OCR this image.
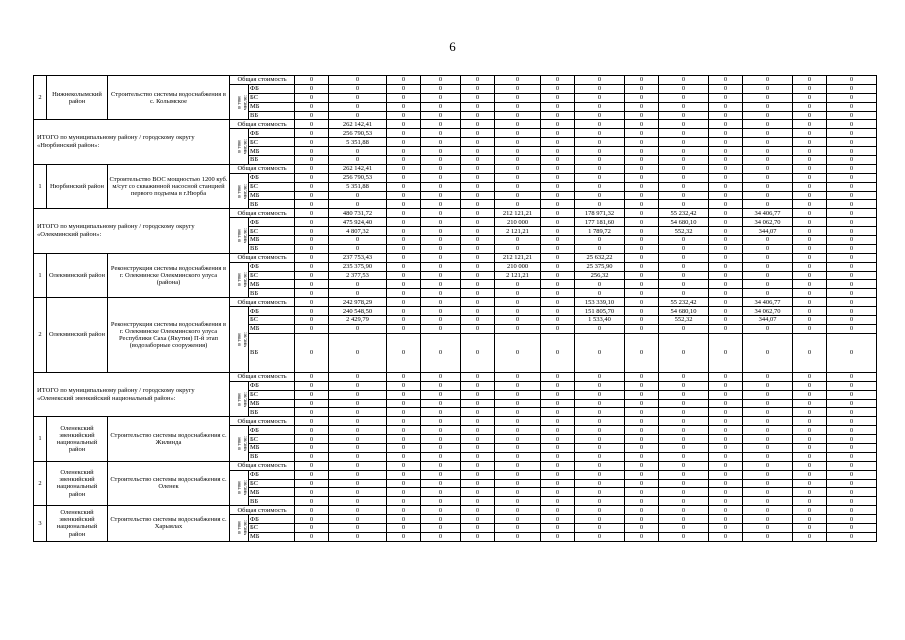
6
2	Нижнеколымский район	Строительство системы водоснабжения в с. Колымское	Общая стоимость		0	0	0	0	0	0	0	0	0	0	0	0	0	0	
			в том числе:	ФБ	0	0	0	0	0	0	0	0	0	0	0	0	0	0	
				БС	0	0	0	0	0	0	0	0	0	0	0	0	0	0	
				МБ	0	0	0	0	0	0	0	0	0	0	0	0	0	0	
				ВБ	0	0	0	0	0	0	0	0	0	0	0	0	0	0	
ИТОГО по муниципальному району / городскому округу «Нюрбинский район»:			Общая стоимость		0	262 142,41	0	0	0	0	0	0	0	0	0	0	0	0	
			в том числе:	ФБ	0	256 790,53	0	0	0	0	0	0	0	0	0	0	0	0	
				БС	0	5 351,88	0	0	0	0	0	0	0	0	0	0	0	0	
				МБ	0	0	0	0	0	0	0	0	0	0	0	0	0	0	
				ВБ	0	0	0	0	0	0	0	0	0	0	0	0	0	0	
1	Нюрбинский район	Строительство ВОС мощностью 1200 куб. м/сут со скважинной насосной станцией первого подъема в г.Нюрба	Общая стоимость		0	262 142,41	0	0	0	0	0	0	0	0	0	0	0	0	
			в том числе:	ФБ	0	256 790,53	0	0	0	0	0	0	0	0	0	0	0	0	
				БС	0	5 351,88	0	0	0	0	0	0	0	0	0	0	0	0	
				МБ	0	0	0	0	0	0	0	0	0	0	0	0	0	0	
				ВБ	0	0	0	0	0	0	0	0	0	0	0	0	0	0	
ИТОГО по муниципальному району / городскому округу «Олекминский район»:			Общая стоимость		0	480 731,72	0	0	0	212 121,21	0	178 971,32	0	55 232,42	0	34 406,77	0	0	
			в том числе:	ФБ	0	475 924,40	0	0	0	210 000	0	177 181,60	0	54 680,10	0	34 062,70	0	0	
				БС	0	4 807,32	0	0	0	2 121,21	0	1 789,72	0	552,32	0	344,07	0	0	
				МБ	0	0	0	0	0	0	0	0	0	0	0	0	0	0	
				ВБ	0	0	0	0	0	0	0	0	0	0	0	0	0	0	
1	Олекминский район	Реконструкция системы водоснабжения в г. Олекминске Олекминского улуса (района)	Общая стоимость		0	237 753,43	0	0	0	212 121,21	0	25 632,22	0	0	0	0	0	0	
			в том числе:	ФБ	0	235 375,90	0	0	0	210 000	0	25 375,90	0	0	0	0	0	0	
				БС	0	2 377,53	0	0	0	2 121,21	0	256,32	0	0	0	0	0	0	
				МБ	0	0	0	0	0	0	0	0	0	0	0	0	0	0	
				ВБ	0	0	0	0	0	0	0	0	0	0	0	0	0	0	
2	Олекминский район	Реконструкция системы водоснабжения в г. Олекминске Олекминского улуса Республики Саха (Якутия) П-й этап (водозаборные сооружения)	Общая стоимость		0	242 978,29	0	0	0	0	0	153 339,10	0	55 232,42	0	34 406,77	0	0	
			в том числе:	ФБ	0	240 548,50	0	0	0	0	0	151 805,70	0	54 680,10	0	34 062,70	0	0	
				БС	0	2 429,79	0	0	0	0	0	1 533,40	0	552,32	0	344,07	0	0	
				МБ	0	0	0	0	0	0	0	0	0	0	0	0	0	0	
				ВБ	0	0	0	0	0	0	0	0	0	0	0	0	0	0	
ИТОГО по муниципальному району / городскому округу «Оленекский эвенкийский национальный район»:			Общая стоимость		0	0	0	0	0	0	0	0	0	0	0	0	0	0	
			в том числе:	ФБ	0	0	0	0	0	0	0	0	0	0	0	0	0	0	
				БС	0	0	0	0	0	0	0	0	0	0	0	0	0	0	
				МБ	0	0	0	0	0	0	0	0	0	0	0	0	0	0	
				ВБ	0	0	0	0	0	0	0	0	0	0	0	0	0	0	
1	Оленекский эвенкийский национальный район	Строительство системы водоснабжения с. Жилинда	Общая стоимость		0	0	0	0	0	0	0	0	0	0	0	0	0	0	
			в том числе:	ФБ	0	0	0	0	0	0	0	0	0	0	0	0	0	0	
				БС	0	0	0	0	0	0	0	0	0	0	0	0	0	0	
				МБ	0	0	0	0	0	0	0	0	0	0	0	0	0	0	
				ВБ	0	0	0	0	0	0	0	0	0	0	0	0	0	0	
2	Оленекский эвенкийский национальный район	Строительство системы водоснабжения с. Оленек	Общая стоимость		0	0	0	0	0	0	0	0	0	0	0	0	0	0	
			в том числе:	ФБ	0	0	0	0	0	0	0	0	0	0	0	0	0	0	
				БС	0	0	0	0	0	0	0	0	0	0	0	0	0	0	
				МБ	0	0	0	0	0	0	0	0	0	0	0	0	0	0	
				ВБ	0	0	0	0	0	0	0	0	0	0	0	0	0	0	
3	Оленекский эвенкийский национальный район	Строительство системы водоснабжения с. Харыялах	Общая стоимость		0	0	0	0	0	0	0	0	0	0	0	0	0	0	
			в том числе:	ФБ	0	0	0	0	0	0	0	0	0	0	0	0	0	0	
				БС	0	0	0	0	0	0	0	0	0	0	0	0	0	0	
				МБ	0	0	0	0	0	0	0	0	0	0	0	0	0	0	
